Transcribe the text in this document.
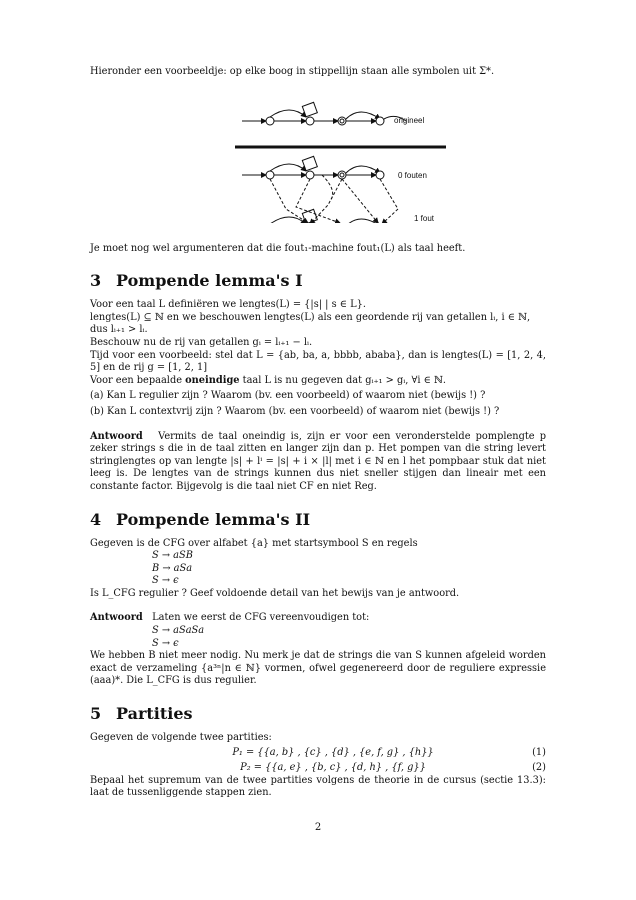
Hieronder een voorbeeldje: op elke boog in stippellijn staan alle symbolen uit Σ*.

origineel
0 fouten
1 fout

Je moet nog wel argumenteren dat die fout₁-machine fout₁(L) als taal heeft.

3 Pompende lemma's I

Voor een taal L definiëren we lengtes(L) = {|s| | s ∈ L}.

lengtes(L) ⊆ ℕ en we beschouwen lengtes(L) als een geordende rij van getallen lᵢ, i ∈ ℕ, dus lᵢ₊₁ > lᵢ.

Beschouw nu de rij van getallen gᵢ = lᵢ₊₁ − lᵢ.

Tijd voor een voorbeeld: stel dat L = {ab, ba, a, bbbb, ababa}, dan is lengtes(L) = [1, 2, 4, 5] en de rij g = [1, 2, 1]

Voor een bepaalde oneindige taal L is nu gegeven dat gᵢ₊₁ > gᵢ, ∀i ∈ ℕ.

(a) Kan L regulier zijn ? Waarom (bv. een voorbeeld) of waarom niet (bewijs !) ?

(b) Kan L contextvrij zijn ? Waarom (bv. een voorbeeld) of waarom niet (bewijs !) ?

Antwoord Vermits de taal oneindig is, zijn er voor een veronderstelde pomplengte p zeker strings s die in de taal zitten en langer zijn dan p. Het pompen van die string levert stringlengtes op van lengte |s| + lⁱ = |s| + i × |l| met i ∈ ℕ en l het pompbaar stuk dat niet leeg is. De lengtes van de strings kunnen dus niet sneller stijgen dan lineair met een constante factor. Bijgevolg is die taal niet CF en niet Reg.

4 Pompende lemma's II

Gegeven is de CFG over alfabet {a} met startsymbool S en regels

S → aSB

B → aSa

S → ϵ

Is L_CFG regulier ? Geef voldoende detail van het bewijs van je antwoord.

Antwoord Laten we eerst de CFG vereenvoudigen tot:

S → aSaSa

S → ϵ

We hebben B niet meer nodig. Nu merk je dat de strings die van S kunnen afgeleid worden exact de verzameling {a³ⁿ|n ∈ ℕ} vormen, ofwel gegenereerd door de reguliere expressie (aaa)*. Die L_CFG is dus regulier.

5 Partities

Gegeven de volgende twee partities:

P₁ = {{a, b} , {c} , {d} , {e, f, g} , {h}}	(1)
P₂ = {{a, e} , {b, c} , {d, h} , {f, g}}	(2)

Bepaal het supremum van de twee partities volgens de theorie in de cursus (sectie 13.3): laat de tussenliggende stappen zien.

2
